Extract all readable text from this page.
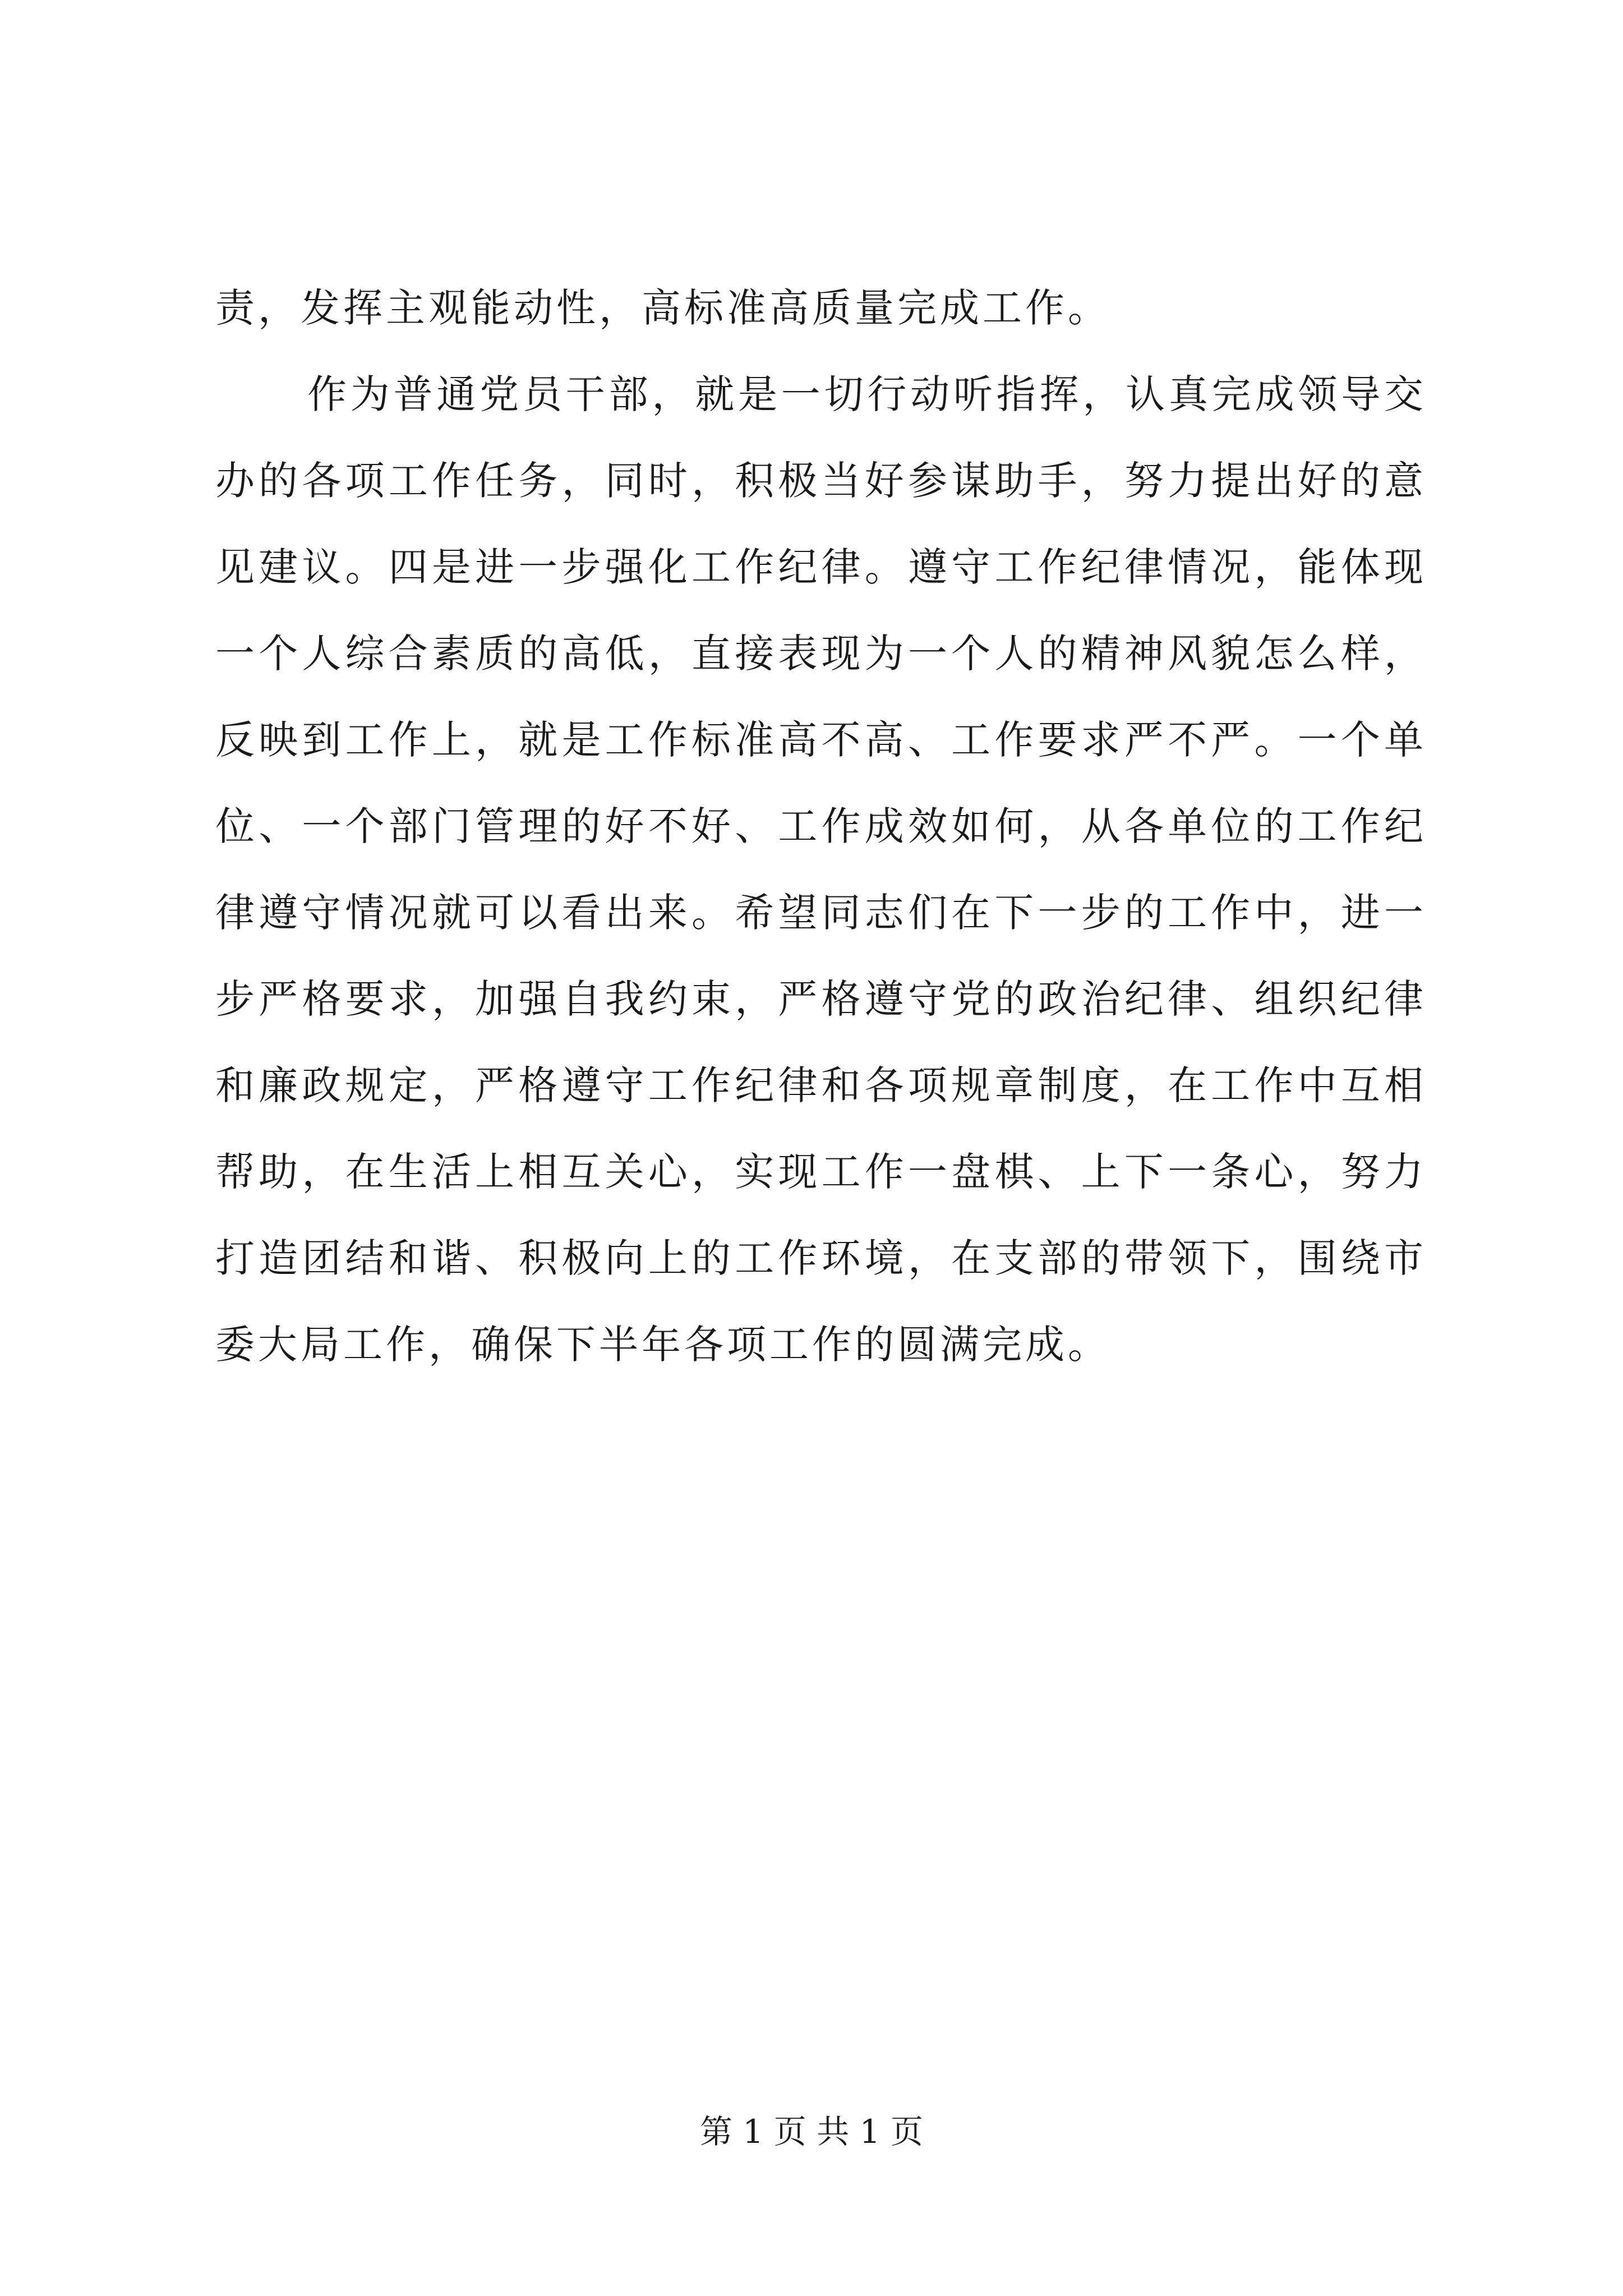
责，发挥主观能动性，高标准高质量完成工作。

作为普通党员干部，就是一切行动听指挥，认真完成领导交办的各项工作任务，同时，积极当好参谋助手，努力提出好的意见建议。四是进一步强化工作纪律。遵守工作纪律情况，能体现一个人综合素质的高低，直接表现为一个人的精神风貌怎么样，反映到工作上，就是工作标准高不高、工作要求严不严。一个单位、一个部门管理的好不好、工作成效如何，从各单位的工作纪律遵守情况就可以看出来。希望同志们在下一步的工作中，进一步严格要求，加强自我约束，严格遵守党的政治纪律、组织纪律和廉政规定，严格遵守工作纪律和各项规章制度，在工作中互相帮助，在生活上相互关心，实现工作一盘棋、上下一条心，努力打造团结和谐、积极向上的工作环境，在支部的带领下，围绕市委大局工作，确保下半年各项工作的圆满完成。

第 1 页 共 1 页
